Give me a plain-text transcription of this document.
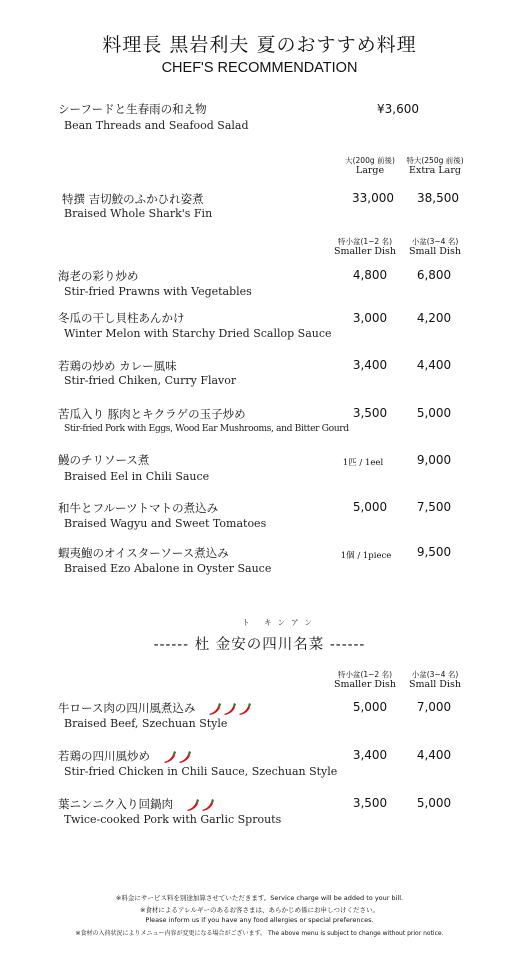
料理長 黒岩利夫 夏のおすすめ料理
CHEF'S RECOMMENDATION
シーフードと生春雨の和え物
Bean Threads and Seafood Salad
¥3,600
大(200g 前後)
Large
特大(250g 前後)
Extra Larg
特撰 吉切鮫のふかひれ姿煮
Braised Whole Shark's Fin
33,000	38,500
特小盆(1~2 名)
Smaller Dish
小盆(3~4 名)
Small Dish
海老の彩り炒め
Stir-fried Prawns with Vegetables
4,800	6,800
冬瓜の干し貝柱あんかけ
Winter Melon with Starchy Dried Scallop Sauce
3,000	4,200
若鶏の炒め カレー風味
Stir-fried Chiken, Curry Flavor
3,400	4,400
苦瓜入り 豚肉とキクラゲの玉子炒め
Stir-fried Pork with Eggs, Wood Ear Mushrooms, and Bitter Gourd
3,500	5,000
鰻のチリソース煮
Braised Eel in Chili Sauce
1匹 / 1eel	9,000
和牛とフルーツトマトの煮込み
Braised Wagyu and Sweet Tomatoes
5,000	7,500
蝦夷鮑のオイスターソース煮込み
Braised Ezo Abalone in Oyster Sauce
1個 / 1piece	9,500
ト キンアン
------ 杜 金安の四川名菜 ------
特小盆(1~2 名)
Smaller Dish
小盆(3~4 名)
Small Dish
牛ロース肉の四川風煮込み
Braised Beef, Szechuan Style
5,000	7,000
若鶏の四川風炒め
Stir-fried Chicken in Chili Sauce, Szechuan Style
3,400	4,400
葉ニンニク入り回鍋肉
Twice-cooked Pork with Garlic Sprouts
3,500	5,000
※料金にサービス料を別途加算させていただきます。Service charge will be added to your bill.
※食材によるアレルギーのあるお客さまは、あらかじめ係にお申しつけください。
Please inform us if you have any food allergies or special preferences.
※食材の入荷状況によりメニュー内容が変更になる場合がございます。 The above menu is subject to change without prior notice.
